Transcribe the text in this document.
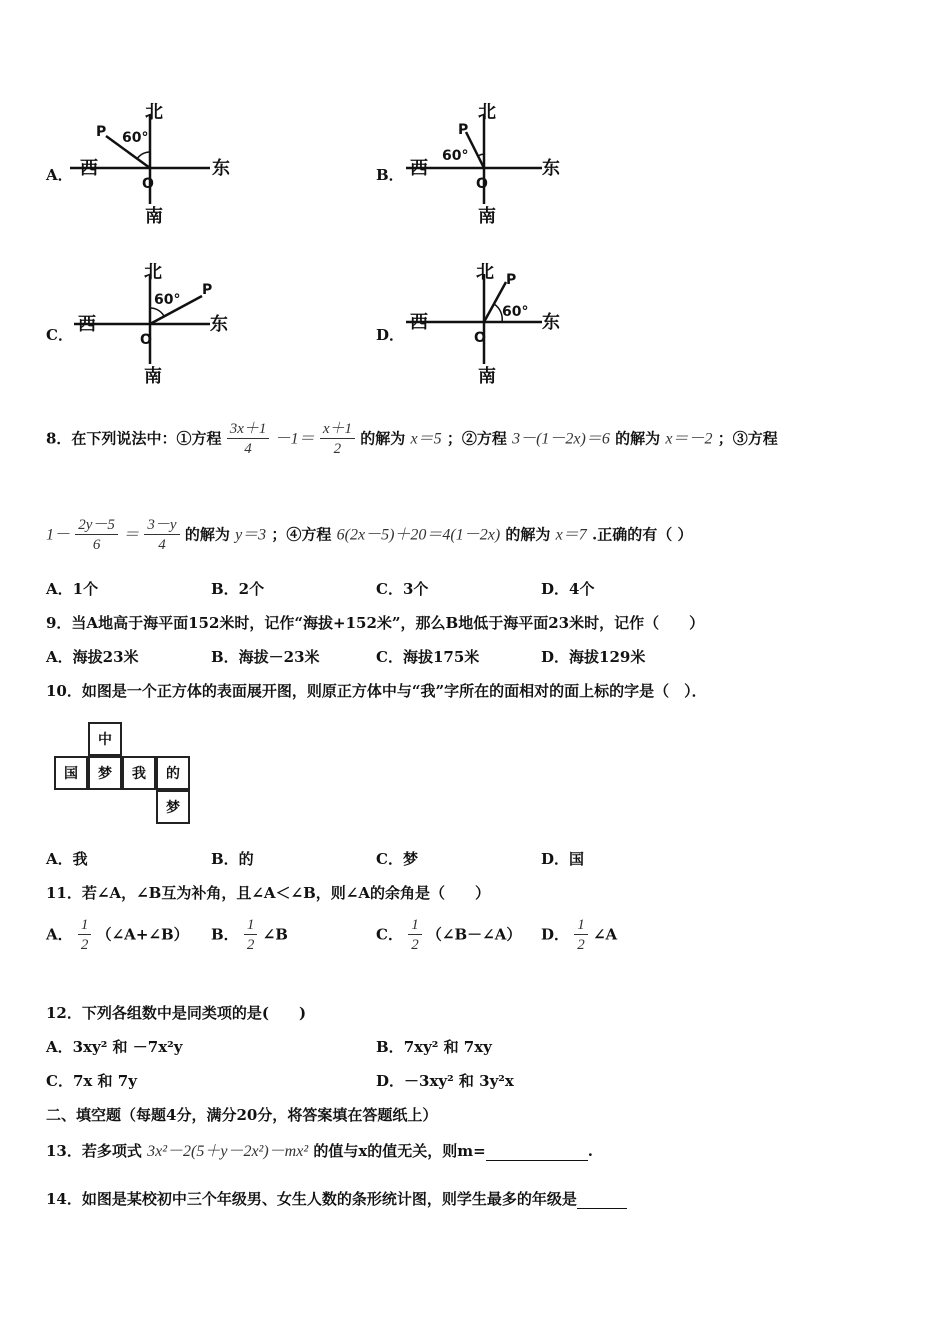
A．
北
南
西	东
O
P 60°
B．
北
南
西	东
O
P
60°
C．
北
南
西	东
O
P
60°
D．
北
南
西	东
O
P
60°
8．在下列说法中：①方程 $\frac{3x+1}{4} -1= \frac{x+1}{2}$ 的解为 x＝5 ；②方程 3－(1－2x)＝6 的解为 x＝－2 ；③方程
$1- \frac{2y-5}{6} = \frac{3-y}{4}$ 的解为 y＝3 ；④方程 6(2x－5)＋20＝4(1－2x) 的解为 x＝7 .正确的有（ ）
A．1个	B．2个	C．3个	D．4个
9．当A地高于海平面152米时，记作“海拔+152米”，那么B地低于海平面23米时，记作（　　）
A．海拔23米	B．海拔－23米	C．海拔175米	D．海拔129米
10．如图是一个正方体的表面展开图，则原正方体中与“我”字所在的面相对的面上标的字是（　）．
中
国	梦	我	的
梦
A．我	B．的	C．梦	D．国
11．若∠A，∠B互为补角，且∠A＜∠B，则∠A的余角是（　　）
A． $\frac{1}{2}$ （∠A+∠B） B． $\frac{1}{2}$ ∠B	C． $\frac{1}{2}$ （∠B－∠A） D． $\frac{1}{2}$ ∠A
12．下列各组数中是同类项的是(　　)
A．3xy² 和 －7x²y	B．7xy² 和 7xy
C．7x 和 7y	D．－3xy² 和 3y²x
二、填空题（每题4分，满分20分，将答案填在答题纸上）
13．若多项式 3x²－2(5＋y－2x²)－mx² 的值与x的值无关，则m=	.
14．如图是某校初中三个年级男、女生人数的条形统计图，则学生最多的年级是
